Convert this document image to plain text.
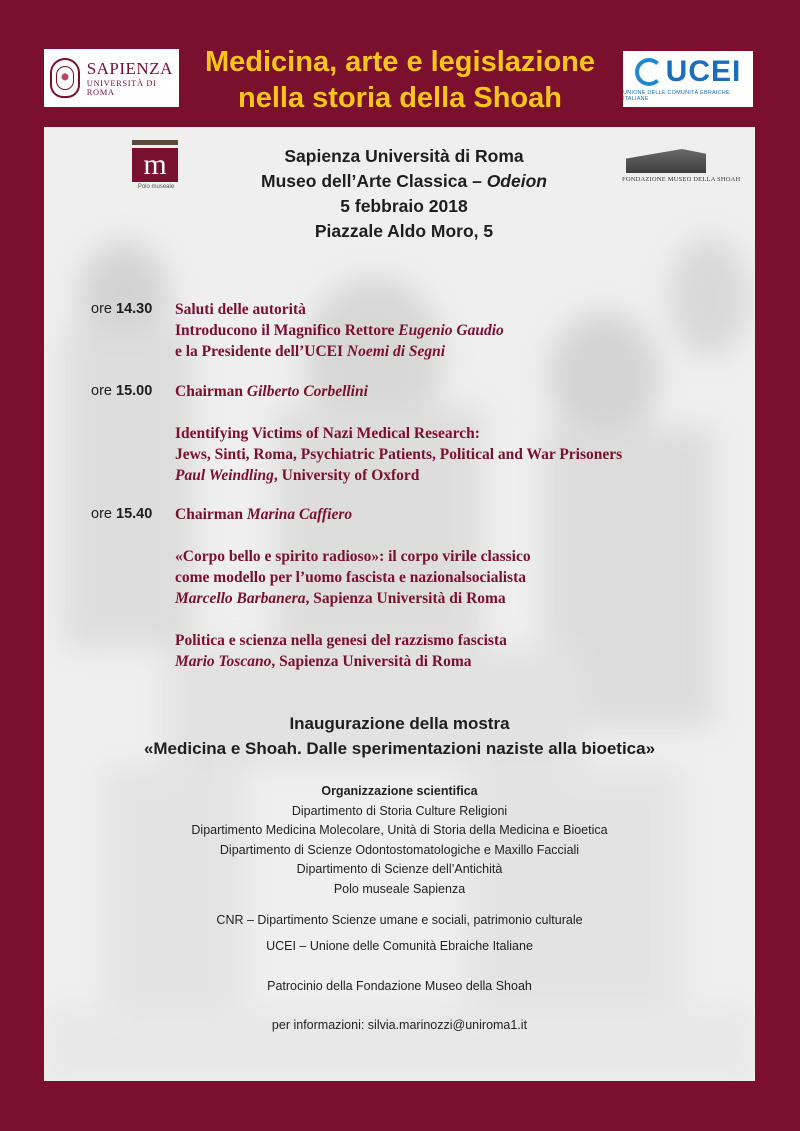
SAPIENZA
UNIVERSITÀ DI ROMA
Medicina, arte e legislazione
nella storia della Shoah
UCEI
UNIONE DELLE COMUNITÀ EBRAICHE ITALIANE
m
Polo museale
Sapienza Università di Roma
Museo dell’Arte Classica – Odeion
5 febbraio 2018
Piazzale Aldo Moro, 5
FONDAZIONE MUSEO DELLA SHOAH
ore 14.30	Saluti delle autorità
Introducono il Magnifico Rettore Eugenio Gaudio
e la Presidente dell’UCEI Noemi di Segni
ore 15.00	Chairman Gilberto Corbellini
Identifying Victims of Nazi Medical Research:
Jews, Sinti, Roma, Psychiatric Patients, Political and War Prisoners
Paul Weindling, University of Oxford
ore 15.40	Chairman Marina Caffiero
«Corpo bello e spirito radioso»: il corpo virile classico
come modello per l’uomo fascista e nazionalsocialista
Marcello Barbanera, Sapienza Università di Roma
Politica e scienza nella genesi del razzismo fascista
Mario Toscano, Sapienza Università di Roma
Inaugurazione della mostra
«Medicina e Shoah. Dalle sperimentazioni naziste alla bioetica»
Organizzazione scientifica
Dipartimento di Storia Culture Religioni
Dipartimento Medicina Molecolare, Unità di Storia della Medicina e Bioetica
Dipartimento di Scienze Odontostomatologiche e Maxillo Facciali
Dipartimento di Scienze dell’Antichità
Polo museale Sapienza
CNR – Dipartimento Scienze umane e sociali, patrimonio culturale
UCEI – Unione delle Comunità Ebraiche Italiane
Patrocinio della Fondazione Museo della Shoah
per informazioni: silvia.marinozzi@uniroma1.it
